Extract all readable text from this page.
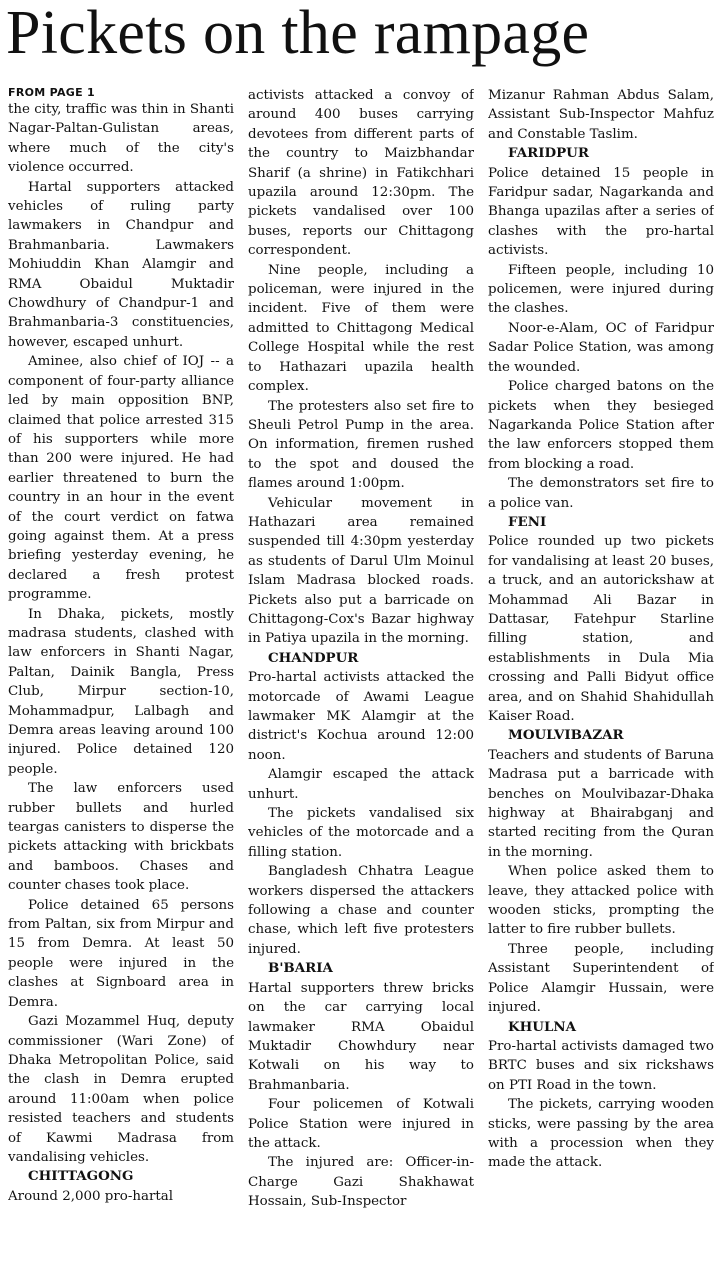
Pickets on the rampage
FROM PAGE 1

the city, traffic was thin in Shanti Nagar-Paltan-Gulistan areas, where much of the city's violence occurred.

Hartal supporters attacked vehicles of ruling party lawmakers in Chandpur and Brahmanbaria. Lawmakers Mohiuddin Khan Alamgir and RMA Obaidul Muktadir Chowdhury of Chandpur-1 and Brahmanbaria-3 constituencies, however, escaped unhurt.

Aminee, also chief of IOJ -- a component of four-party alliance led by main opposition BNP, claimed that police arrested 315 of his supporters while more than 200 were injured. He had earlier threatened to burn the country in an hour in the event of the court verdict on fatwa going against them. At a press briefing yesterday evening, he declared a fresh protest programme.

In Dhaka, pickets, mostly madrasa students, clashed with law enforcers in Shanti Nagar, Paltan, Dainik Bangla, Press Club, Mirpur section-10, Mohammadpur, Lalbagh and Demra areas leaving around 100 injured. Police detained 120 people.

The law enforcers used rubber bullets and hurled teargas canisters to disperse the pickets attacking with brickbats and bamboos. Chases and counter chases took place.

Police detained 65 persons from Paltan, six from Mirpur and 15 from Demra. At least 50 people were injured in the clashes at Signboard area in Demra.

Gazi Mozammel Huq, deputy commissioner (Wari Zone) of Dhaka Metropolitan Police, said the clash in Demra erupted around 11:00am when police resisted teachers and students of Kawmi Madrasa from vandalising vehicles.

CHITTAGONG

Around 2,000 pro-hartal

activists attacked a convoy of around 400 buses carrying devotees from different parts of the country to Maizbhandar Sharif (a shrine) in Fatikchhari upazila around 12:30pm. The pickets vandalised over 100 buses, reports our Chittagong correspondent.

Nine people, including a policeman, were injured in the incident. Five of them were admitted to Chittagong Medical College Hospital while the rest to Hathazari upazila health complex.

The protesters also set fire to Sheuli Petrol Pump in the area. On information, firemen rushed to the spot and doused the flames around 1:00pm.

Vehicular movement in Hathazari area remained suspended till 4:30pm yesterday as students of Darul Ulm Moinul Islam Madrasa blocked roads. Pickets also put a barricade on Chittagong-Cox's Bazar highway in Patiya upazila in the morning.

CHANDPUR

Pro-hartal activists attacked the motorcade of Awami League lawmaker MK Alamgir at the district's Kochua around 12:00 noon.

Alamgir escaped the attack unhurt.

The pickets vandalised six vehicles of the motorcade and a filling station.

Bangladesh Chhatra League workers dispersed the attackers following a chase and counter chase, which left five protesters injured.

B'BARIA

Hartal supporters threw bricks on the car carrying local lawmaker RMA Obaidul Muktadir Chowhdury near Kotwali on his way to Brahmanbaria.

Four policemen of Kotwali Police Station were injured in the attack.

The injured are: Officer-in-Charge Gazi Shakhawat Hossain, Sub-Inspector

Mizanur Rahman Abdus Salam, Assistant Sub-Inspector Mahfuz and Constable Taslim.

FARIDPUR

Police detained 15 people in Faridpur sadar, Nagarkanda and Bhanga upazilas after a series of clashes with the pro-hartal activists.

Fifteen people, including 10 policemen, were injured during the clashes.

Noor-e-Alam, OC of Faridpur Sadar Police Station, was among the wounded.

Police charged batons on the pickets when they besieged Nagarkanda Police Station after the law enforcers stopped them from blocking a road.

The demonstrators set fire to a police van.

FENI

Police rounded up two pickets for vandalising at least 20 buses, a truck, and an autorickshaw at Mohammad Ali Bazar in Dattasar, Fatehpur Starline filling station, and establishments in Dula Mia crossing and Palli Bidyut office area, and on Shahid Shahidullah Kaiser Road.

MOULVIBAZAR

Teachers and students of Baruna Madrasa put a barricade with benches on Moulvibazar-Dhaka highway at Bhairabganj and started reciting from the Quran in the morning.

When police asked them to leave, they attacked police with wooden sticks, prompting the latter to fire rubber bullets.

Three people, including Assistant Superintendent of Police Alamgir Hussain, were injured.

KHULNA

Pro-hartal activists damaged two BRTC buses and six rickshaws on PTI Road in the town.

The pickets, carrying wooden sticks, were passing by the area with a procession when they made the attack.
